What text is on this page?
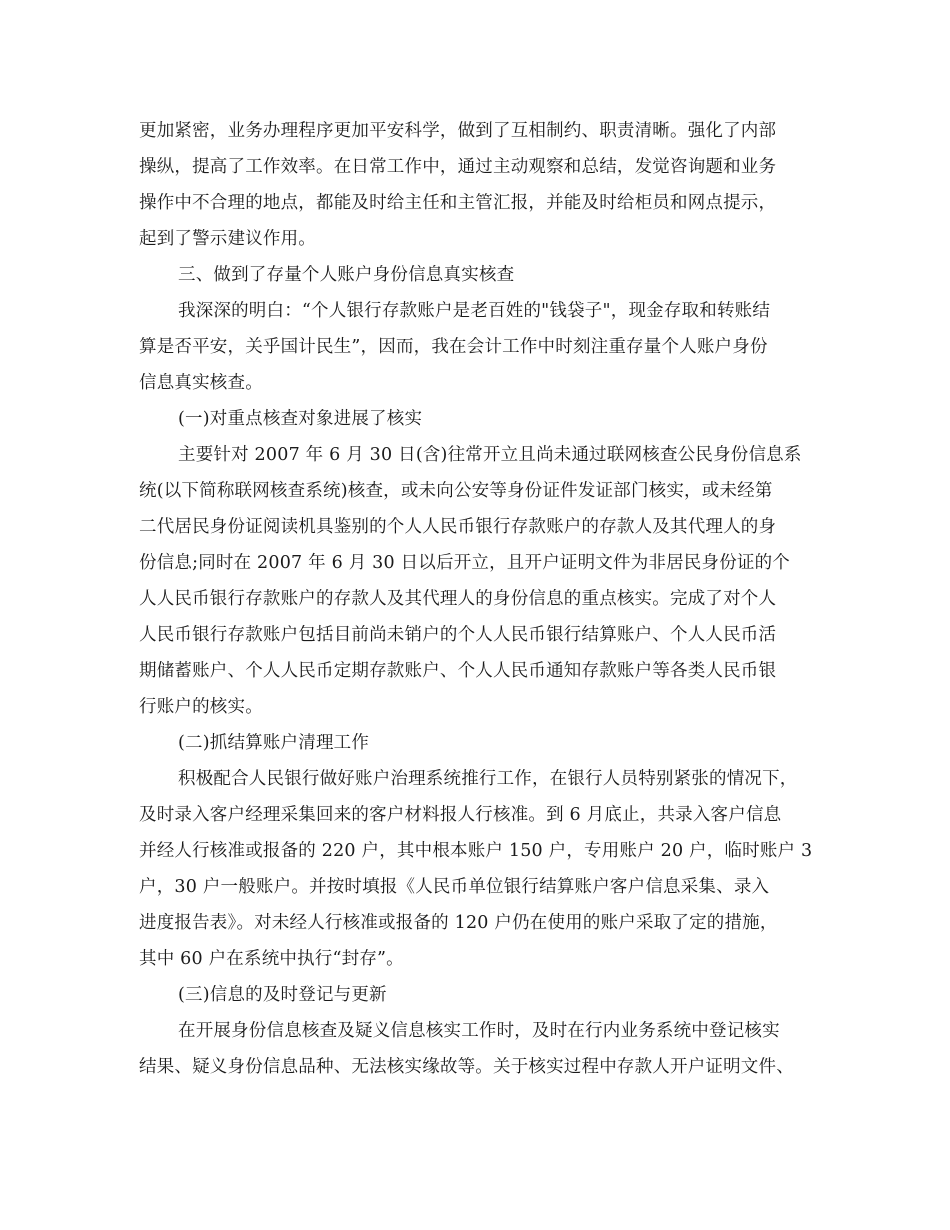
更加紧密，业务办理程序更加平安科学，做到了互相制约、职责清晰。强化了内部
操纵，提高了工作效率。在日常工作中，通过主动观察和总结，发觉咨询题和业务
操作中不合理的地点，都能及时给主任和主管汇报，并能及时给柜员和网点提示，
起到了警示建议作用。
三、做到了存量个人账户身份信息真实核查
我深深的明白：“个人银行存款账户是老百姓的"钱袋子"，现金存取和转账结
算是否平安，关乎国计民生”，因而，我在会计工作中时刻注重存量个人账户身份
信息真实核查。
(一)对重点核查对象进展了核实
主要针对 2007 年 6 月 30 日(含)往常开立且尚未通过联网核查公民身份信息系
统(以下简称联网核查系统)核查，或未向公安等身份证件发证部门核实，或未经第
二代居民身份证阅读机具鉴别的个人人民币银行存款账户的存款人及其代理人的身
份信息;同时在 2007 年 6 月 30 日以后开立，且开户证明文件为非居民身份证的个
人人民币银行存款账户的存款人及其代理人的身份信息的重点核实。完成了对个人
人民币银行存款账户包括目前尚未销户的个人人民币银行结算账户、个人人民币活
期储蓄账户、个人人民币定期存款账户、个人人民币通知存款账户等各类人民币银
行账户的核实。
(二)抓结算账户清理工作
积极配合人民银行做好账户治理系统推行工作，在银行人员特别紧张的情况下，
及时录入客户经理采集回来的客户材料报人行核准。到 6 月底止，共录入客户信息
并经人行核准或报备的 220 户，其中根本账户 150 户，专用账户 20 户，临时账户 3
户，30 户一般账户。并按时填报《人民币单位银行结算账户客户信息采集、录入
进度报告表》。对未经人行核准或报备的 120 户仍在使用的账户采取了定的措施，
其中 60 户在系统中执行“封存”。
(三)信息的及时登记与更新
在开展身份信息核查及疑义信息核实工作时，及时在行内业务系统中登记核实
结果、疑义身份信息品种、无法核实缘故等。关于核实过程中存款人开户证明文件、
